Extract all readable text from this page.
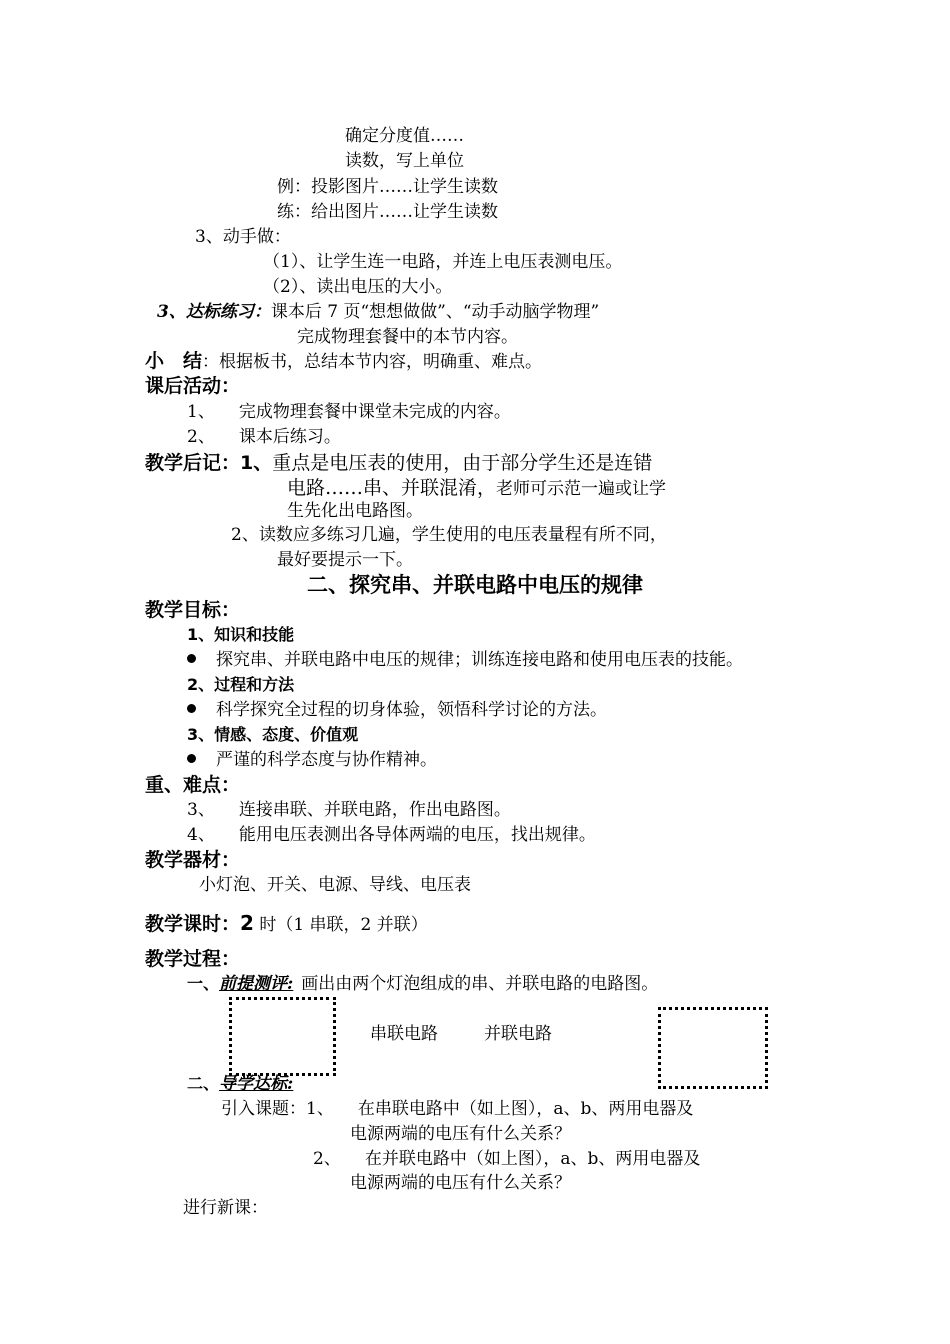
确定分度值……
读数，写上单位
例：投影图片……让学生读数
练：给出图片……让学生读数
3、动手做：
（1）、让学生连一电路，并连上电压表测电压。
（2）、读出电压的大小。
3、达标练习：课本后 7 页“想想做做”、“动手动脑学物理”
完成物理套餐中的本节内容。
小　结：根据板书，总结本节内容，明确重、难点。
课后活动：
1、 完成物理套餐中课堂未完成的内容。
2、 课本后练习。
教学后记：1、重点是电压表的使用，由于部分学生还是连错
电路……串、并联混淆，老师可示范一遍或让学
生先化出电路图。
2、读数应多练习几遍，学生使用的电压表量程有所不同，
最好要提示一下。
二、探究串、并联电路中电压的规律
教学目标：
1、知识和技能
探究串、并联电路中电压的规律；训练连接电路和使用电压表的技能。
2、过程和方法
科学探究全过程的切身体验，领悟科学讨论的方法。
3、情感、态度、价值观
严谨的科学态度与协作精神。
重、难点：
3、 连接串联、并联电路，作出电路图。
4、 能用电压表测出各导体两端的电压，找出规律。
教学器材：
小灯泡、开关、电源、导线、电压表
教学课时：2 时（1 串联，2 并联）
教学过程：
一、前提测评: 画出由两个灯泡组成的串、并联电路的电路图。
串联电路	并联电路
二、导学达标:
引入课题：1、 在串联电路中（如上图），a、b、两用电器及
电源两端的电压有什么关系？
2、 在并联电路中（如上图），a、b、两用电器及
电源两端的电压有什么关系？
进行新课：
